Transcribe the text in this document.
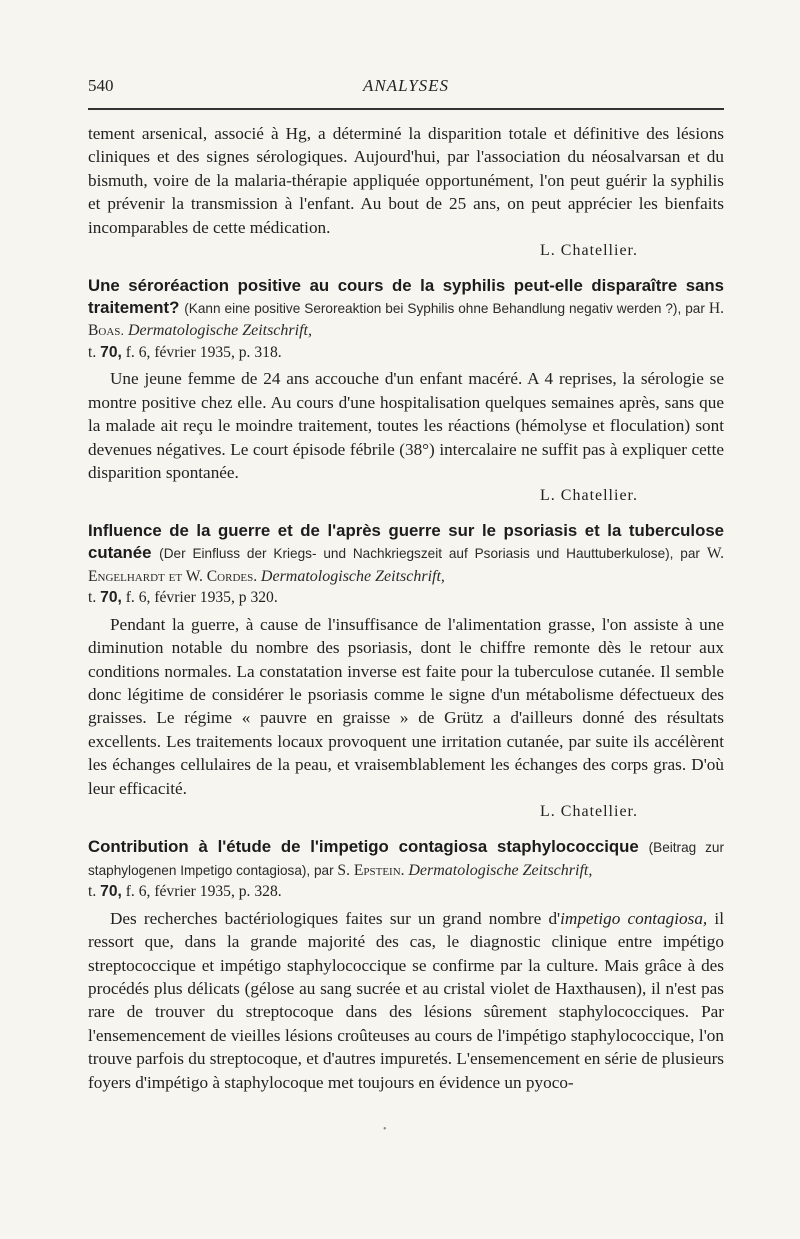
540	ANALYSES

tement arsenical, associé à Hg, a déterminé la disparition totale et définitive des lésions cliniques et des signes sérologiques. Aujourd'hui, par l'association du néosalvarsan et du bismuth, voire de la malaria-thérapie appliquée opportunément, l'on peut guérir la syphilis et prévenir la transmission à l'enfant. Au bout de 25 ans, on peut apprécier les bienfaits incomparables de cette médication.

L. Chatellier.
Une séroréaction positive au cours de la syphilis peut-elle disparaître sans traitement? (Kann eine positive Seroreaktion bei Syphilis ohne Behandlung negativ werden ?), par H. Boas. Dermatologische Zeitschrift,
t. 70, f. 6, février 1935, p. 318.

Une jeune femme de 24 ans accouche d'un enfant macéré. A 4 reprises, la sérologie se montre positive chez elle. Au cours d'une hospitalisation quelques semaines après, sans que la malade ait reçu le moindre traitement, toutes les réactions (hémolyse et floculation) sont devenues négatives. Le court épisode fébrile (38°) intercalaire ne suffit pas à expliquer cette disparition spontanée.

L. Chatellier.
Influence de la guerre et de l'après guerre sur le psoriasis et la tuberculose cutanée (Der Einfluss der Kriegs- und Nachkriegszeit auf Psoriasis und Hauttuberkulose), par W. Engelhardt et W. Cordes. Dermatologische Zeitschrift,
t. 70, f. 6, février 1935, p 320.

Pendant la guerre, à cause de l'insuffisance de l'alimentation grasse, l'on assiste à une diminution notable du nombre des psoriasis, dont le chiffre remonte dès le retour aux conditions normales. La constatation inverse est faite pour la tuberculose cutanée. Il semble donc légitime de considérer le psoriasis comme le signe d'un métabolisme défectueux des graisses. Le régime « pauvre en graisse » de Grütz a d'ailleurs donné des résultats excellents. Les traitements locaux provoquent une irritation cutanée, par suite ils accélèrent les échanges cellulaires de la peau, et vraisemblablement les échanges des corps gras. D'où leur efficacité.

L. Chatellier.
Contribution à l'étude de l'impetigo contagiosa staphylococcique (Beitrag zur staphylogenen Impetigo contagiosa), par S. Epstein. Dermatologische Zeitschrift,
t. 70, f. 6, février 1935, p. 328.

Des recherches bactériologiques faites sur un grand nombre d'impetigo contagiosa, il ressort que, dans la grande majorité des cas, le diagnostic clinique entre impétigo streptococcique et impétigo staphylococcique se confirme par la culture. Mais grâce à des procédés plus délicats (gélose au sang sucrée et au cristal violet de Haxthausen), il n'est pas rare de trouver du streptocoque dans des lésions sûrement staphylococciques. Par l'ensemencement de vieilles lésions croûteuses au cours de l'impétigo staphylococcique, l'on trouve parfois du streptocoque, et d'autres impuretés. L'ensemencement en série de plusieurs foyers d'impétigo à staphylocoque met toujours en évidence un pyoco-

•
